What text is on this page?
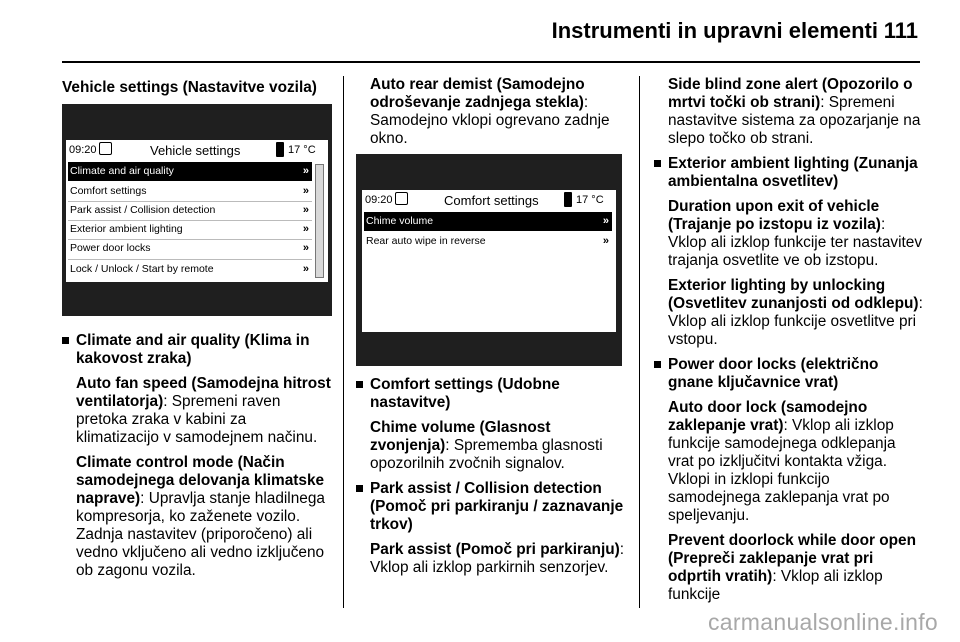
Instrumenti in upravni elementi 111
Vehicle settings (Nastavitve vozila)
09:20	Vehicle settings	17 °C
Climate and air quality	»
Comfort settings	»
Park assist / Collision detection	»
Exterior ambient lighting	»
Power door locks	»
Lock / Unlock / Start by remote	»
Climate and air quality (Klima in kakovost zraka)

Auto fan speed (Samodejna hitrost ventilatorja): Spremeni raven pretoka zraka v kabini za klimatizacijo v samodejnem načinu.

Climate control mode (Način samodejnega delovanja klimatske naprave): Upravlja stanje hladilnega kompresorja, ko zaženete vozilo. Zadnja nastavitev (priporočeno) ali vedno vključeno ali vedno izključeno ob zagonu vozila.

Auto rear demist (Samodejno odroševanje zadnjega stekla): Samodejno vklopi ogrevano zadnje okno.

09:20	Comfort settings	17 °C
Chime volume	»
Rear auto wipe in reverse	»
Comfort settings (Udobne nastavitve)

Chime volume (Glasnost zvonjenja): Sprememba glasnosti opozorilnih zvočnih signalov.

Park assist / Collision detection (Pomoč pri parkiranju / zaznavanje trkov)

Park assist (Pomoč pri parkiranju): Vklop ali izklop parkirnih senzorjev.

Side blind zone alert (Opozorilo o mrtvi točki ob strani): Spremeni nastavitve sistema za opozarjanje na slepo točko ob strani.

Exterior ambient lighting (Zunanja ambientalna osvetlitev)

Duration upon exit of vehicle (Trajanje po izstopu iz vozila): Vklop ali izklop funkcije ter nastavitev trajanja osvetlite ve ob izstopu.

Exterior lighting by unlocking (Osvetlitev zunanjosti od odklepu): Vklop ali izklop funkcije osvetlitve pri vstopu.

Power door locks (električno gnane ključavnice vrat)

Auto door lock (samodejno zaklepanje vrat): Vklop ali izklop funkcije samodejnega odklepanja vrat po izključitvi kontakta vžiga. Vklopi in izklopi funkcijo samodejnega zaklepanja vrat po speljevanju.

Prevent doorlock while door open (Prepreči zaklepanje vrat pri odprtih vratih): Vklop ali izklop funkcije

carmanualsonline.info
